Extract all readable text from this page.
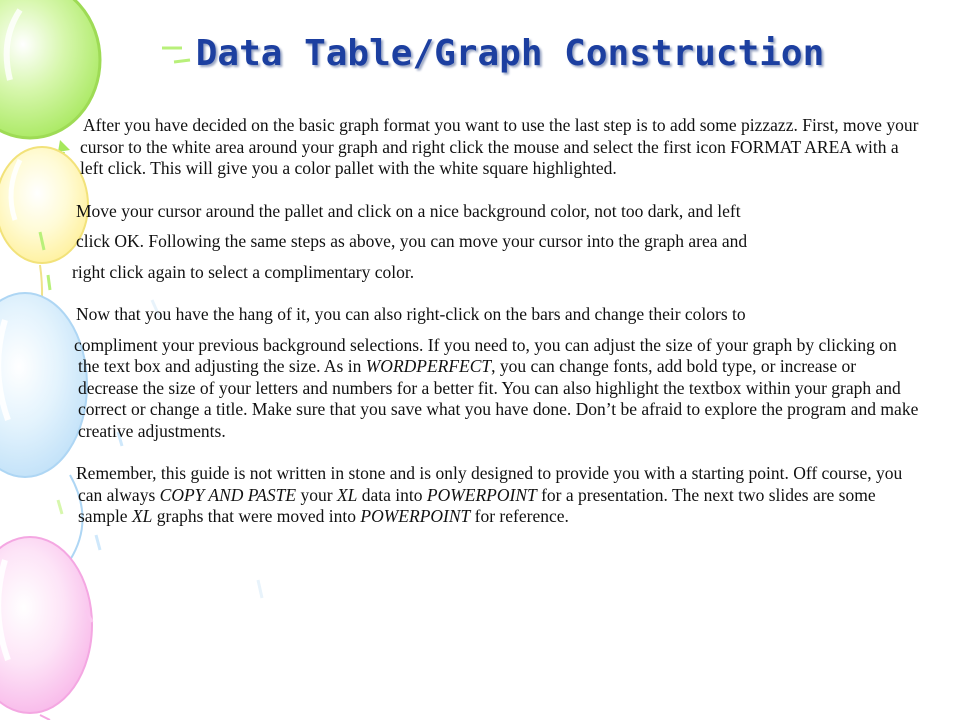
Data Table/Graph Construction

After you have decided on the basic graph format you want to use the last step is to add some pizzazz. First, move your cursor to the white area around your graph and right click the mouse and select the first icon FORMAT AREA with a left click. This will give you a color pallet with the white square highlighted.

Move your cursor around the pallet and click on a nice background color, not too dark, and left

click OK. Following the same steps as above, you can move your cursor into the graph area and

right click again to select a complimentary color.

Now that you have the hang of it, you can also right-click on the bars and change their colors to

compliment your previous background selections. If you need to, you can adjust the size of your graph by clicking on the text box and adjusting the size. As in WORDPERFECT, you can change fonts, add bold type, or increase or decrease the size of your letters and numbers for a better fit. You can also highlight the textbox within your graph and correct or change a title. Make sure that you save what you have done. Don’t be afraid to explore the program and make creative adjustments.

Remember, this guide is not written in stone and is only designed to provide you with a starting point. Off course, you can always COPY AND PASTE your XL data into POWERPOINT for a presentation. The next two slides are some sample XL graphs that were moved into POWERPOINT for reference.
